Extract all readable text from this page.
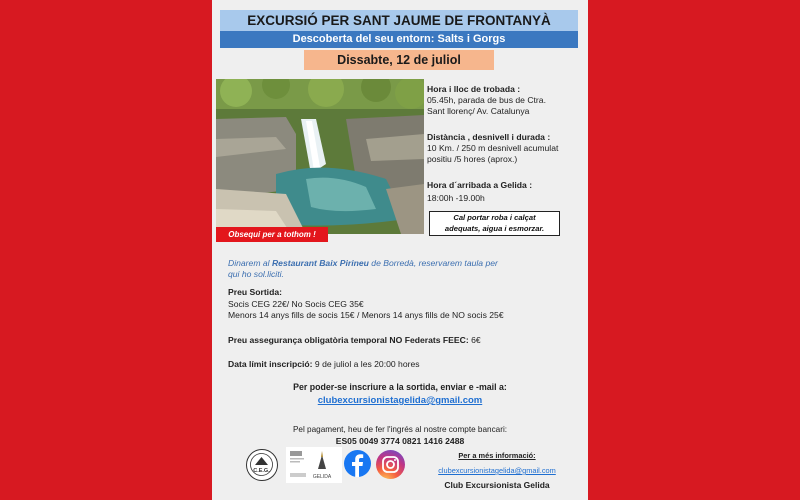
EXCURSIÓ PER SANT JAUME DE FRONTANYÀ
Descoberta del seu entorn: Salts i Gorgs
Dissabte, 12 de juliol
Obsequi per a tothom !
Hora i lloc de trobada :
05.45h, parada de bus de Ctra.
Sant llorenç/ Av. Catalunya
Distància , desnivell i durada :
10 Km. / 250 m desnivell acumulat
positiu /5 hores (aprox.)
Hora d´arribada a Gelida :
18:00h -19.00h
Cal portar roba i calçat
adequats, aigua i esmorzar.
Dinarem al Restaurant Baix Pirineu de Borredà, reservarem taula per
qui ho sol.liciti.
Preu Sortida:
Socis CEG 22€/ No Socis CEG 35€
Menors 14 anys fills de socis 15€ / Menors 14 anys fills de NO socis 25€
Preu assegurança obligatòria temporal NO Federats FEEC: 6€
Data límit inscripció: 9 de juliol a les 20:00 hores
Per poder-se inscriure a la sortida, enviar e -mail a:
clubexcursionistagelida@gmail.com
Pel pagament, heu de fer l'ingrés al nostre compte bancari:
ES05 0049 3774 0821 1416 2488
C.E.G.
GELIDA
Per a més informació:
clubexcursionistagelida@gmail.com
Club Excursionista Gelida
